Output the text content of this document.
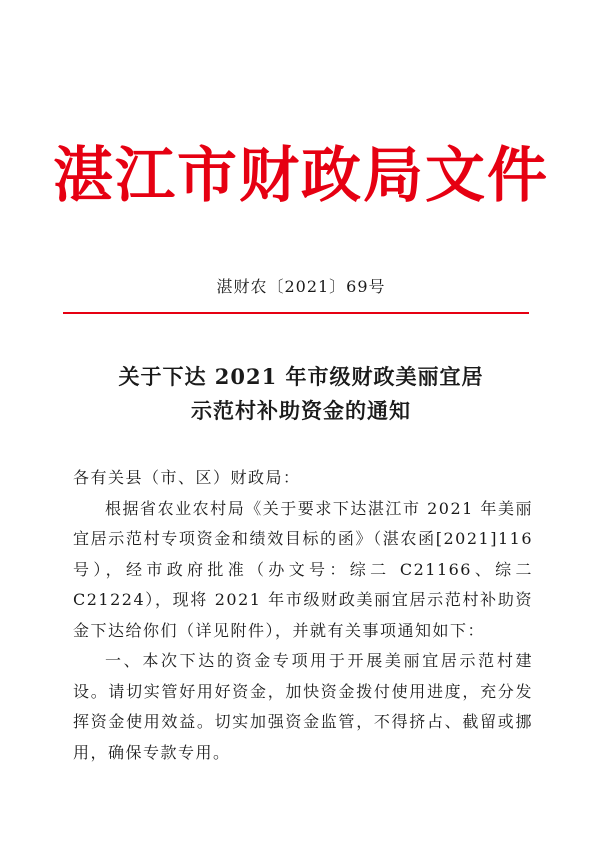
湛江市财政局文件
湛财农〔2021〕69号
关于下达 2021 年市级财政美丽宜居
示范村补助资金的通知

各有关县（市、区）财政局：

根据省农业农村局《关于要求下达湛江市 2021 年美丽宜居示范村专项资金和绩效目标的函》（湛农函[2021]116 号），经市政府批准（办文号：综二 C21166、综二 C21224），现将 2021 年市级财政美丽宜居示范村补助资金下达给你们（详见附件），并就有关事项通知如下：

一、本次下达的资金专项用于开展美丽宜居示范村建设。请切实管好用好资金，加快资金拨付使用进度，充分发挥资金使用效益。切实加强资金监管，不得挤占、截留或挪用，确保专款专用。
